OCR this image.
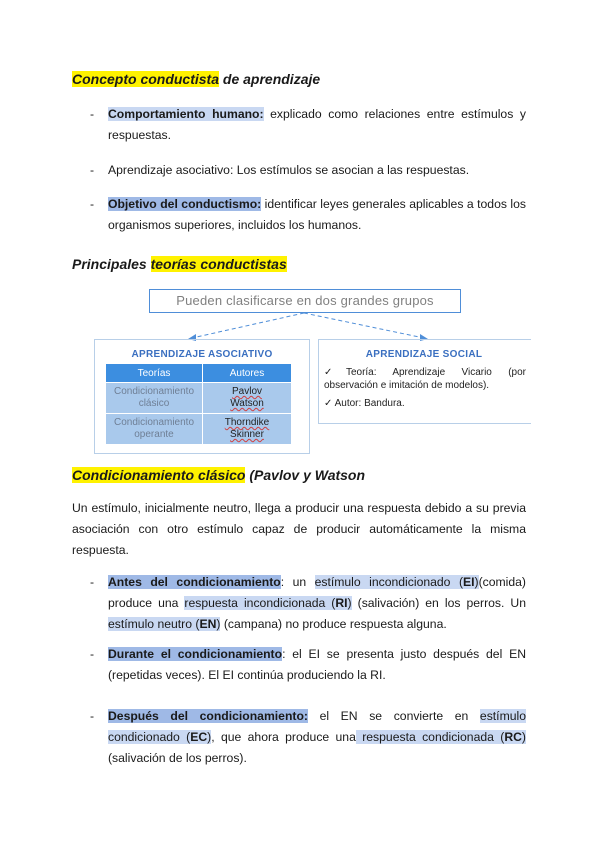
Concepto conductista de aprendizaje
- Comportamiento humano: explicado como relaciones entre estímulos y respuestas.
- Aprendizaje asociativo: Los estímulos se asocian a las respuestas.
- Objetivo del conductismo: identificar leyes generales aplicables a todos los organismos superiores, incluidos los humanos.
Principales teorías conductistas
Pueden clasificarse en dos grandes grupos
APRENDIZAJE ASOCIATIVO
Teorías	Autores
Condicionamiento clásico	Pavlov Watson
Condicionamiento operante	Thorndike Skinner
APRENDIZAJE SOCIAL
✓Teoría: Aprendizaje Vicario (por observación e imitación de modelos).
✓ Autor: Bandura.
Condicionamiento clásico (Pavlov y Watson
Un estímulo, inicialmente neutro, llega a producir una respuesta debido a su previa asociación con otro estímulo capaz de producir automáticamente la misma respuesta.
- Antes del condicionamiento: un estímulo incondicionado (EI)(comida) produce una respuesta incondicionada (RI) (salivación) en los perros. Un estímulo neutro (EN) (campana) no produce respuesta alguna.
- Durante el condicionamiento: el EI se presenta justo después del EN (repetidas veces). El EI continúa produciendo la RI.
- Después del condicionamiento: el EN se convierte en estímulo condicionado (EC), que ahora produce una respuesta condicionada (RC) (salivación de los perros).
